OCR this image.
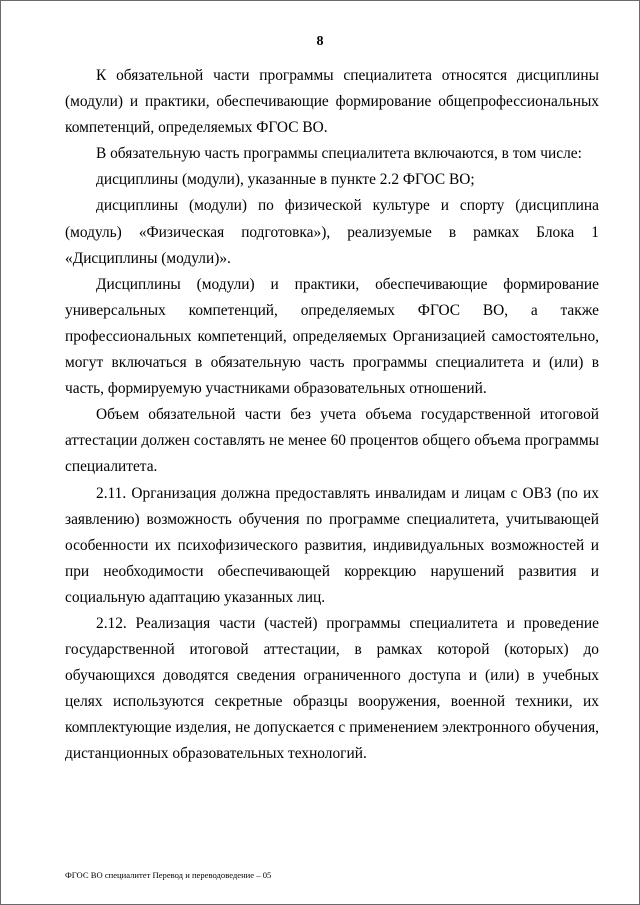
8

К обязательной части программы специалитета относятся дисциплины (модули) и практики, обеспечивающие формирование общепрофессиональных компетенций, определяемых ФГОС ВО.

В обязательную часть программы специалитета включаются, в том числе:

дисциплины (модули), указанные в пункте 2.2 ФГОС ВО;

дисциплины (модули) по физической культуре и спорту (дисциплина (модуль) «Физическая подготовка»), реализуемые в рамках Блока 1 «Дисциплины (модули)».

Дисциплины (модули) и практики, обеспечивающие формирование универсальных компетенций, определяемых ФГОС ВО, а также профессиональных компетенций, определяемых Организацией самостоятельно, могут включаться в обязательную часть программы специалитета и (или) в часть, формируемую участниками образовательных отношений.

Объем обязательной части без учета объема государственной итоговой аттестации должен составлять не менее 60 процентов общего объема программы специалитета.

2.11. Организация должна предоставлять инвалидам и лицам с ОВЗ (по их заявлению) возможность обучения по программе специалитета, учитывающей особенности их психофизического развития, индивидуальных возможностей и при необходимости обеспечивающей коррекцию нарушений развития и социальную адаптацию указанных лиц.

2.12. Реализация части (частей) программы специалитета и проведение государственной итоговой аттестации, в рамках которой (которых) до обучающихся доводятся сведения ограниченного доступа и (или) в учебных целях используются секретные образцы вооружения, военной техники, их комплектующие изделия, не допускается с применением электронного обучения, дистанционных образовательных технологий.

ФГОС ВО специалитет Перевод и переводоведение – 05
